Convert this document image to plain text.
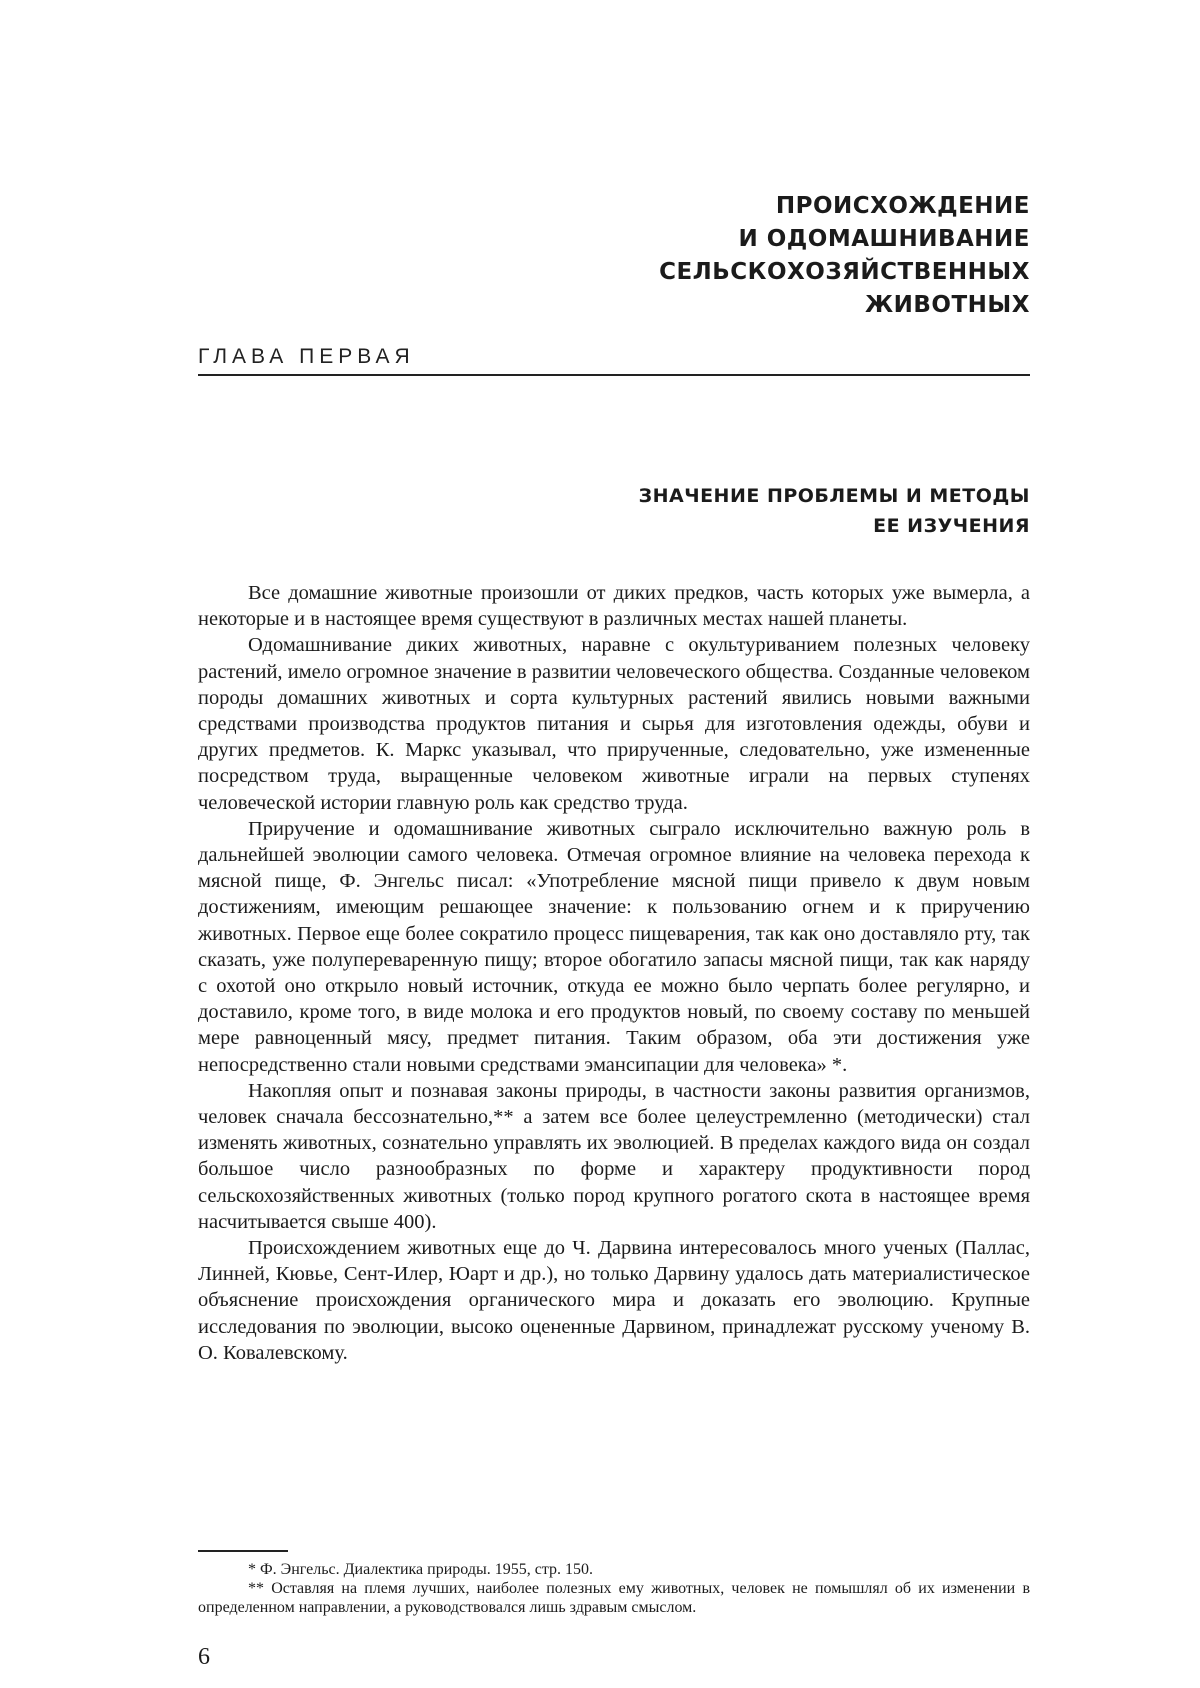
ПРОИСХОЖДЕНИЕ
И ОДОМАШНИВАНИЕ
СЕЛЬСКОХОЗЯЙСТВЕННЫХ
ЖИВОТНЫХ
ГЛАВА ПЕРВАЯ
ЗНАЧЕНИЕ ПРОБЛЕМЫ И МЕТОДЫ
ЕЕ ИЗУЧЕНИЯ

Все домашние животные произошли от диких предков, часть которых уже вымерла, а некоторые и в настоящее время существуют в различных местах нашей планеты.

Одомашнивание диких животных, наравне с окультуриванием полезных человеку растений, имело огромное значение в развитии человеческого общества. Созданные человеком породы домашних животных и сорта культурных растений явились новыми важными средствами производства продуктов питания и сырья для изготовления одежды, обуви и других предметов. К. Маркс указывал, что прирученные, следовательно, уже измененные посредством труда, выращенные человеком животные играли на первых ступенях человеческой истории главную роль как средство труда.

Приручение и одомашнивание животных сыграло исключительно важную роль в дальнейшей эволюции самого человека. Отмечая огромное влияние на человека перехода к мясной пище, Ф. Энгельс писал: «Употребление мясной пищи привело к двум новым достижениям, имеющим решающее значение: к пользованию огнем и к приручению животных. Первое еще более сократило процесс пищеварения, так как оно доставляло рту, так сказать, уже полупереваренную пищу; второе обогатило запасы мясной пищи, так как наряду с охотой оно открыло новый источник, откуда ее можно было черпать более регулярно, и доставило, кроме того, в виде молока и его продуктов новый, по своему составу по меньшей мере равноценный мясу, предмет питания. Таким образом, оба эти достижения уже непосредственно стали новыми средствами эмансипации для человека» *.

Накопляя опыт и познавая законы природы, в частности законы развития организмов, человек сначала бессознательно,** а затем все более целеустремленно (методически) стал изменять животных, сознательно управлять их эволюцией. В пределах каждого вида он создал большое число разнообразных по форме и характеру продуктивности пород сельскохозяйственных животных (только пород крупного рогатого скота в настоящее время насчитывается свыше 400).

Происхождением животных еще до Ч. Дарвина интересовалось много ученых (Паллас, Линней, Кювье, Сент-Илер, Юарт и др.), но только Дарвину удалось дать материалистическое объяснение происхождения органического мира и доказать его эволюцию. Крупные исследования по эволюции, высоко оцененные Дарвином, принадлежат русскому ученому В. О. Ковалевскому.

* Ф. Энгельс. Диалектика природы. 1955, стр. 150.

** Оставляя на племя лучших, наиболее полезных ему животных, человек не помышлял об их изменении в определенном направлении, а руководствовался лишь здравым смыслом.

6
